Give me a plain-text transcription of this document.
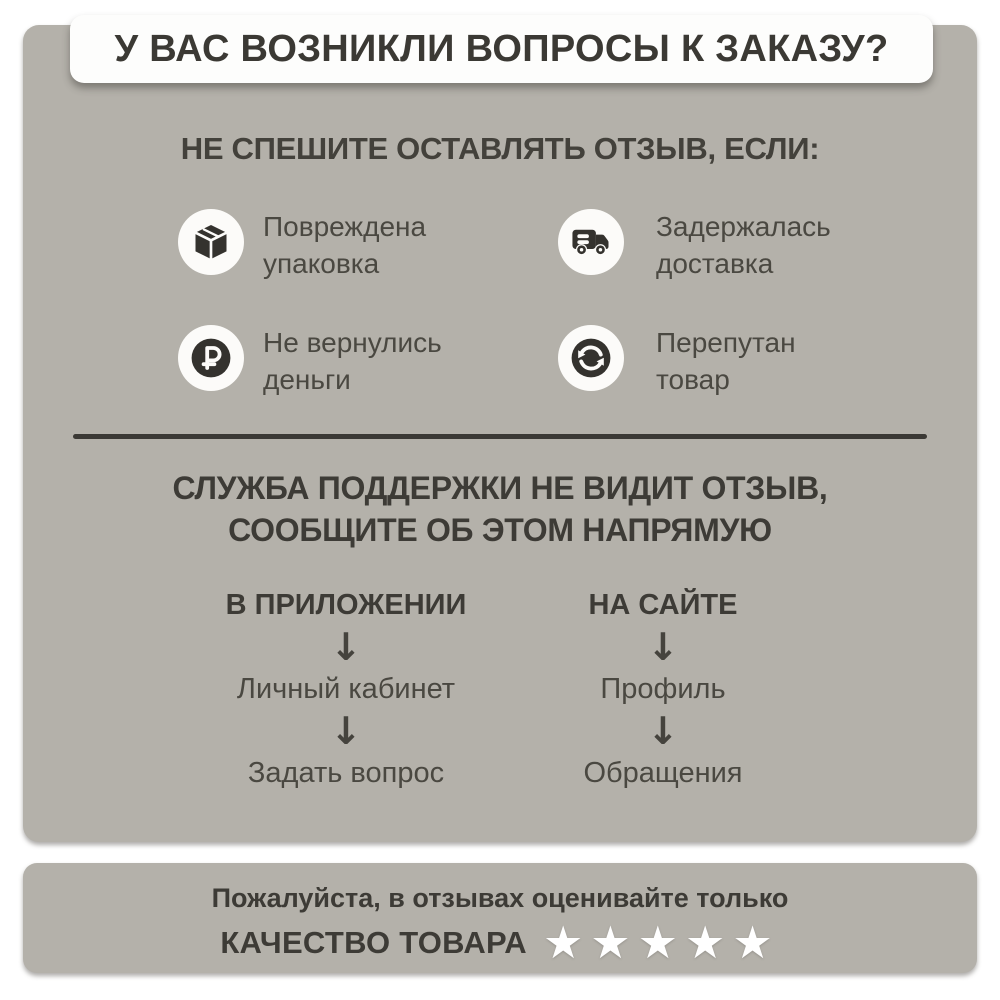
У ВАС ВОЗНИКЛИ ВОПРОСЫ К ЗАКАЗУ?
НЕ СПЕШИТЕ ОСТАВЛЯТЬ ОТЗЫВ, ЕСЛИ:
Повреждена
упаковка
Задержалась
доставка
Не вернулись
деньги
Перепутан
товар
СЛУЖБА ПОДДЕРЖКИ НЕ ВИДИТ ОТЗЫВ,
СООБЩИТЕ ОБ ЭТОМ НАПРЯМУЮ
В ПРИЛОЖЕНИИ
↓
Личный кабинет
↓
Задать вопрос
НА САЙТЕ
↓
Профиль
↓
Обращения
Пожалуйста, в отзывах оценивайте только
КАЧЕСТВО ТОВАРА ★★★★★
